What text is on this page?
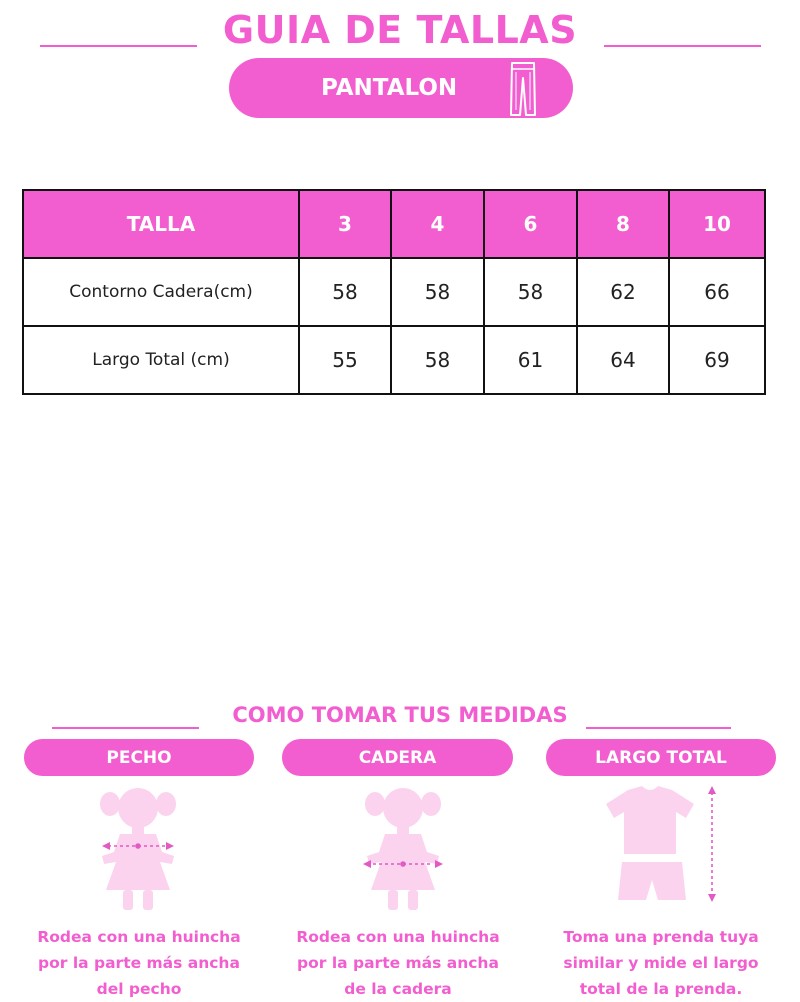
GUIA DE TALLAS
PANTALON
TALLA	3	4	6	8	10
Contorno Cadera(cm)	58	58	58	62	66
Largo Total (cm)	55	58	61	64	69
COMO TOMAR TUS MEDIDAS
PECHO
Rodea con una huincha
por la parte más ancha
del pecho
CADERA
Rodea con una huincha
por la parte más ancha
de la cadera
LARGO TOTAL
Toma una prenda tuya
similar y mide el largo
total de la prenda.
